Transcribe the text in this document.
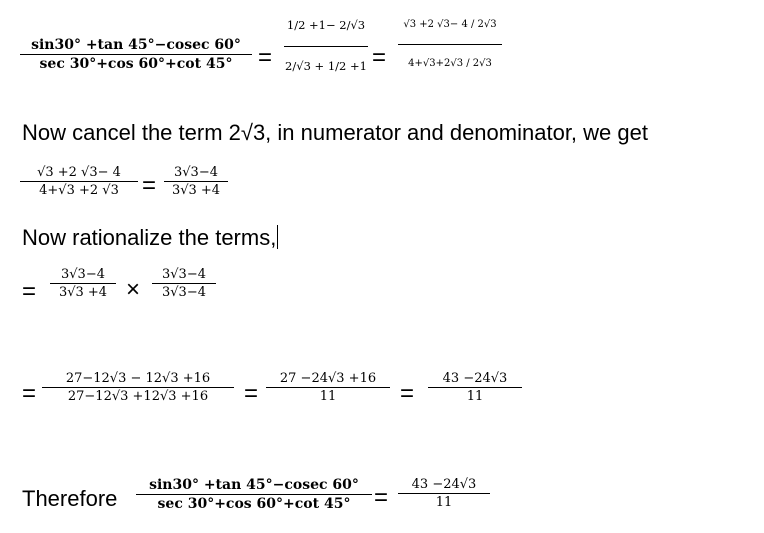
sin30° +tan 45°−cosec 60°
sec 30°+cos 60°+cot 45°	=
1/2 +1− 2/√3
2/√3 + 1/2 +1 =
√3 +2 √3− 4 / 2√3
4+√3+2√3 / 2√3
Now cancel the term 2√3, in numerator and denominator, we get
√3 +2 √3− 4
4+√3 +2 √3 =	3√3−4
3√3 +4
Now rationalize the terms,
=
3√3−4
3√3 +4 ×
3√3−4
3√3−4
=
27−12√3 − 12√3 +16
27−12√3 +12√3 +16	=
27 −24√3 +16
11	=
43 −24√3
11
Therefore
sin30° +tan 45°−cosec 60°
sec 30°+cos 60°+cot 45° =	43 −24√3
11
